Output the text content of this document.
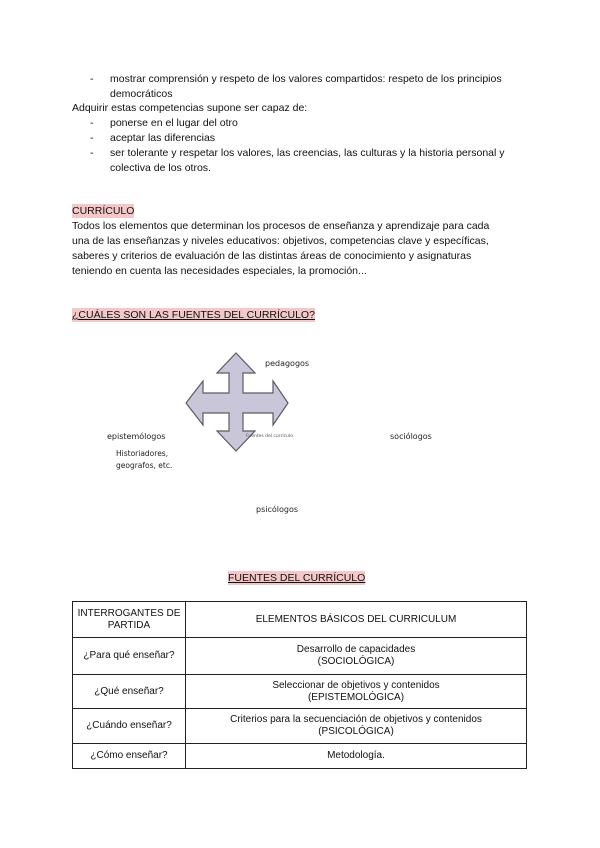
- mostrar comprensión y respeto de los valores compartidos: respeto de los principios
democráticos
Adquirir estas competencias supone ser capaz de:
- ponerse en el lugar del otro
- aceptar las diferencias
- ser tolerante y respetar los valores, las creencias, las culturas y la historia personal y
colectiva de los otros.
CURRÍCULO
Todos los elementos que determinan los procesos de enseñanza y aprendizaje para cada
una de las enseñanzas y niveles educativos: objetivos, competencias clave y específicas,
saberes y criterios de evaluación de las distintas áreas de conocimiento y asignaturas
teniendo en cuenta las necesidades especiales, la promoción...
¿CUÁLES SON LAS FUENTES DEL CURRÍCULO?
Fuentes del currículo
pedagogos
epistemólogos
Historiadores,
geografos, etc.
sociólogos
psicólogos
FUENTES DEL CURRÍCULO
INTERROGANTES DE PARTIDA	ELEMENTOS BÁSICOS DEL CURRICULUM
¿Para qué enseñar?	Desarrollo de capacidades
(SOCIOLÓGICA)

¿Qué enseñar?	Seleccionar de objetivos y contenidos
(EPISTEMOLÓGICA)

¿Cuándo enseñar?	Criterios para la secuenciación de objetivos y contenidos
(PSICOLÓGICA)

¿Cómo enseñar?	Metodología.
